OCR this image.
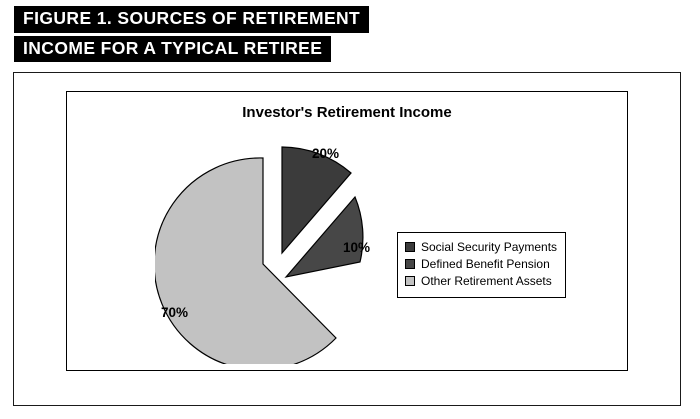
FIGURE 1. SOURCES OF RETIREMENT
INCOME FOR A TYPICAL RETIREE
Investor's Retirement Income
20%
10%
70%
Social Security Payments
Defined Benefit Pension
Other Retirement Assets
